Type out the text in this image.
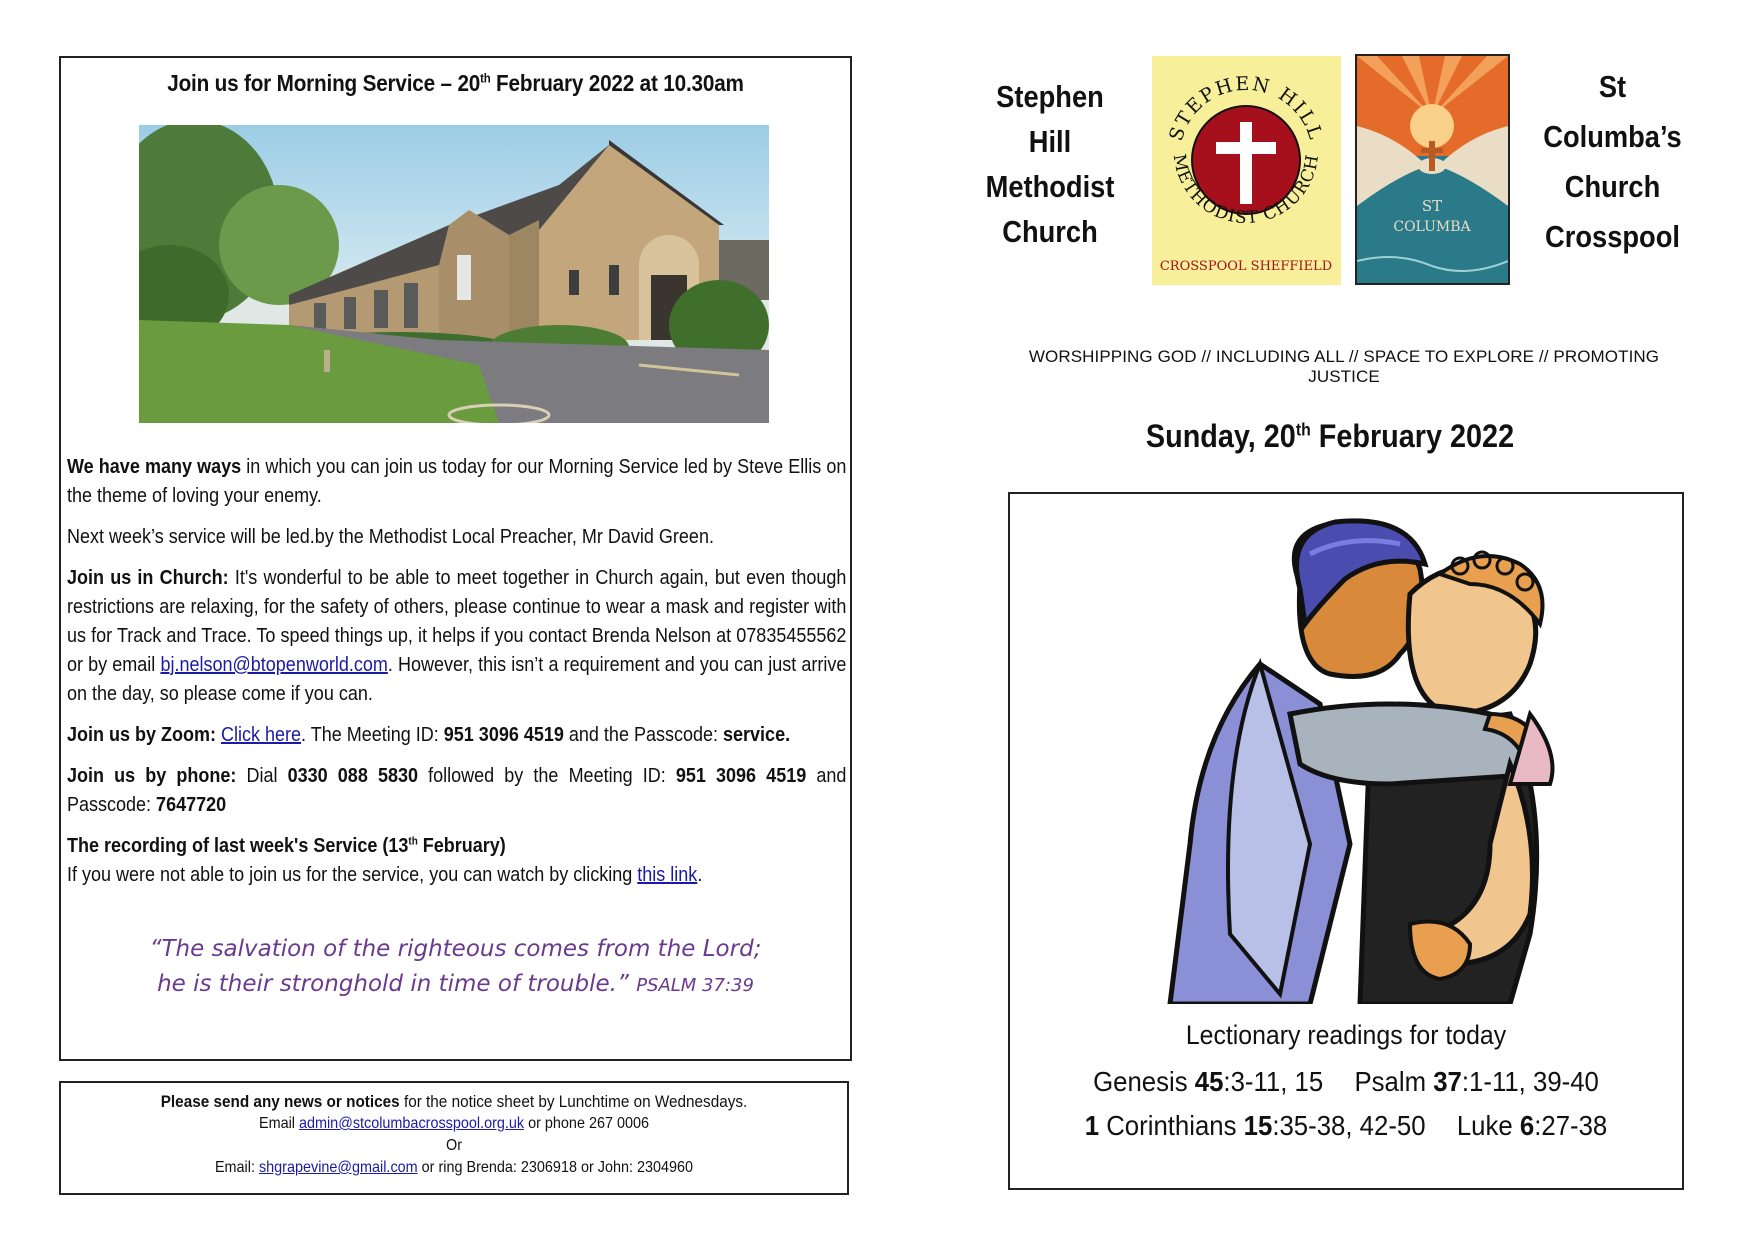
Join us for Morning Service – 20th February 2022 at 10.30am

We have many ways in which you can join us today for our Morning Service led by Steve Ellis on the theme of loving your enemy.

Next week’s service will be led.by the Methodist Local Preacher, Mr David Green.

Join us in Church: It's wonderful to be able to meet together in Church again, but even though restrictions are relaxing, for the safety of others, please continue to wear a mask and register with us for Track and Trace. To speed things up, it helps if you contact Brenda Nelson at 07835455562 or by email bj.nelson@btopenworld.com. However, this isn’t a requirement and you can just arrive on the day, so please come if you can.

Join us by Zoom: Click here. The Meeting ID: 951 3096 4519 and the Passcode: service.

Join us by phone: Dial 0330 088 5830 followed by the Meeting ID: 951 3096 4519 and Passcode: 7647720

The recording of last week's Service (13th February)
If you were not able to join us for the service, you can watch by clicking this link.

“The salvation of the righteous comes from the Lord;
he is their stronghold in time of trouble.” PSALM 37:39
Please send any news or notices for the notice sheet by Lunchtime on Wednesdays.
Email admin@stcolumbacrosspool.org.uk or phone 267 0006
Or
Email: shgrapevine@gmail.com or ring Brenda: 2306918 or John: 2304960
Stephen
Hill
Methodist
Church
STEPHEN HILL
METHODIST CHURCH
CROSSPOOL SHEFFIELD
ST
COLUMBA
St
Columba’s
Church
Crosspool
WORSHIPPING GOD // INCLUDING ALL // SPACE TO EXPLORE // PROMOTING JUSTICE
Sunday, 20th February 2022
Lectionary readings for today
Genesis 45:3-11, 15 Psalm 37:1-11, 39-40
1 Corinthians 15:35-38, 42-50 Luke 6:27-38
